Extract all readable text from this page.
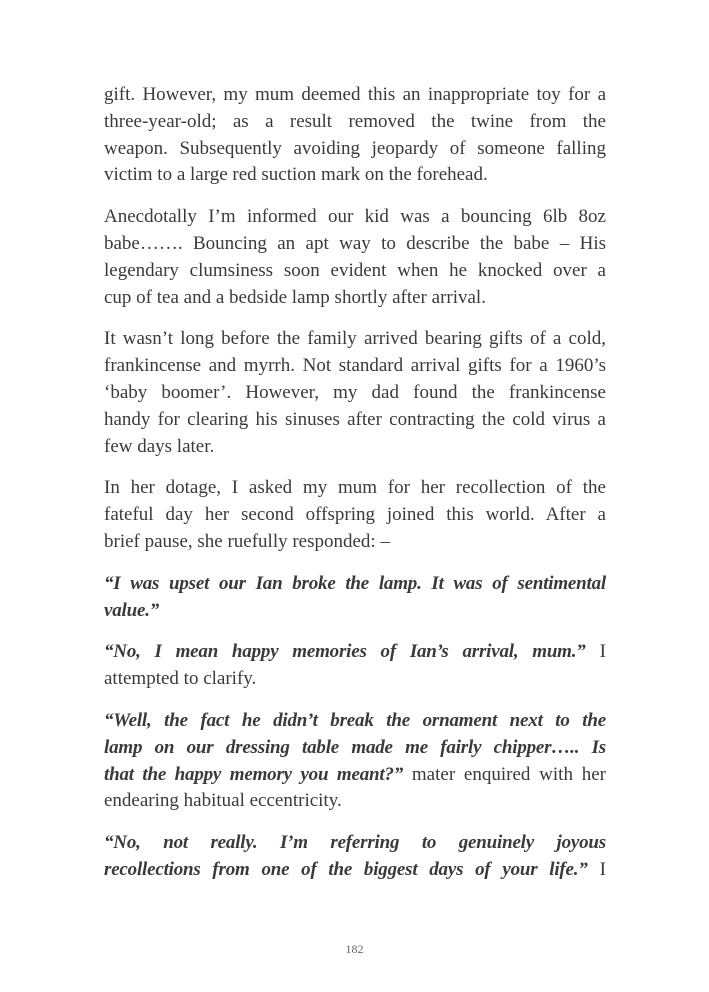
gift. However, my mum deemed this an inappropriate toy for a
three-year-old; as a result removed the twine from the
weapon. Subsequently avoiding jeopardy of someone falling
victim to a large red suction mark on the forehead.
Anecdotally I’m informed our kid was a bouncing 6lb 8oz
babe……. Bouncing an apt way to describe the babe – His
legendary clumsiness soon evident when he knocked over a
cup of tea and a bedside lamp shortly after arrival.
It wasn’t long before the family arrived bearing gifts of a cold,
frankincense and myrrh. Not standard arrival gifts for a 1960’s
‘baby boomer’. However, my dad found the frankincense
handy for clearing his sinuses after contracting the cold virus a
few days later.
In her dotage, I asked my mum for her recollection of the
fateful day her second offspring joined this world. After a
brief pause, she ruefully responded: –
“I was upset our Ian broke the lamp. It was of sentimental
value.”
“No, I mean happy memories of Ian’s arrival, mum.” I
attempted to clarify.
“Well, the fact he didn’t break the ornament next to the
lamp on our dressing table made me fairly chipper….. Is
that the happy memory you meant?” mater enquired with her
endearing habitual eccentricity.
“No, not really. I’m referring to genuinely joyous
recollections from one of the biggest days of your life.” I
182
